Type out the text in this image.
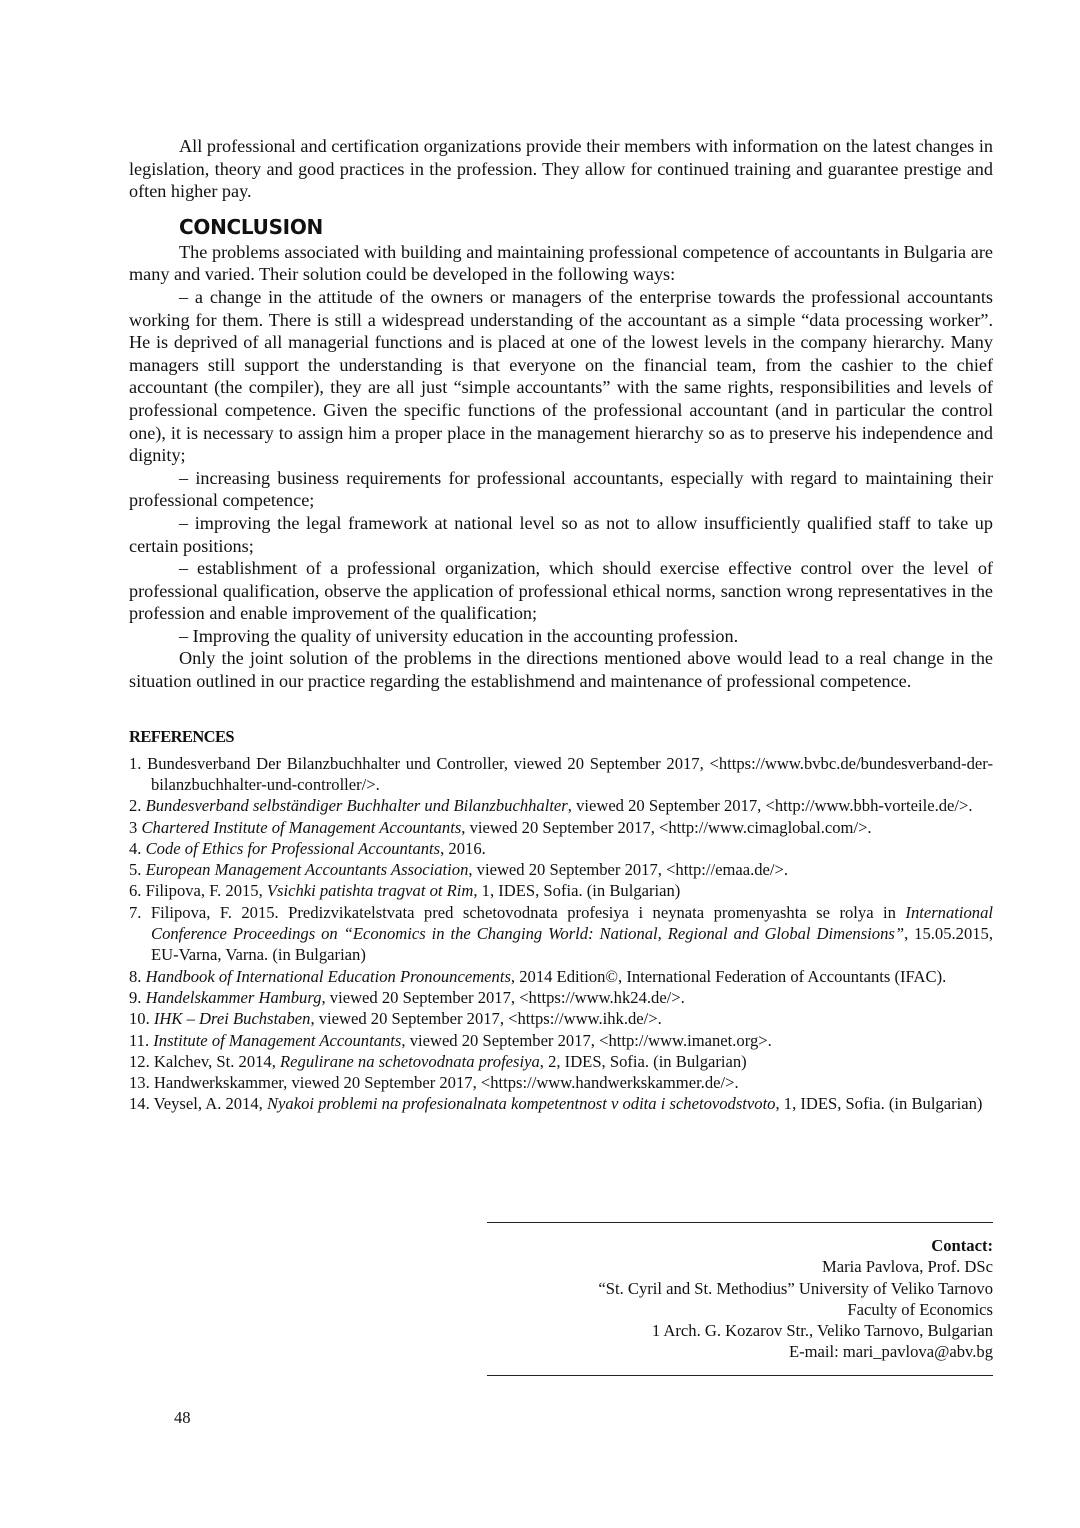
All professional and certification organizations provide their members with information on the latest changes in legislation, theory and good practices in the profession. They allow for continued training and guarantee prestige and often higher pay.

CONCLUSION

The problems associated with building and maintaining professional competence of accountants in Bulgaria are many and varied. Their solution could be developed in the following ways:

– a change in the attitude of the owners or managers of the enterprise towards the professional accountants working for them. There is still a widespread understanding of the accountant as a simple “data processing worker”. He is deprived of all managerial functions and is placed at one of the lowest levels in the company hierarchy. Many managers still support the understanding is that everyone on the financial team, from the cashier to the chief accountant (the compiler), they are all just “simple accountants” with the same rights, responsibilities and levels of professional competence. Given the specific functions of the professional accountant (and in particular the control one), it is necessary to assign him a proper place in the management hierarchy so as to preserve his independence and dignity;

– increasing business requirements for professional accountants, especially with regard to maintaining their professional competence;

– improving the legal framework at national level so as not to allow insufficiently qualified staff to take up certain positions;

– establishment of a professional organization, which should exercise effective control over the level of professional qualification, observe the application of professional ethical norms, sanction wrong representatives in the profession and enable improvement of the qualification;

– Improving the quality of university education in the accounting profession.

Only the joint solution of the problems in the directions mentioned above would lead to a real change in the situation outlined in our practice regarding the establishmend and maintenance of professional competence.

REFERENCES

1. Bundesverband Der Bilanzbuchhalter und Controller, viewed 20 September 2017, <https://www.bvbc.de/bundesverband-der-bilanzbuchhalter-und-controller/>.

2. Bundesverband selbständiger Buchhalter und Bilanzbuchhalter, viewed 20 September 2017, <http://www.bbh-vorteile.de/>.

3 Chartered Institute of Management Accountants, viewed 20 September 2017, <http://www.cimaglobal.com/>.

4. Code of Ethics for Professional Accountants, 2016.

5. European Management Accountants Association, viewed 20 September 2017, <http://emaa.de/>.

6. Filipova, F. 2015, Vsichki patishta tragvat ot Rim, 1, IDES, Sofia. (in Bulgarian)

7. Filipova, F. 2015. Predizvikatelstvata pred schetovodnata profesiya i neynata promenyashta se rolya in International Conference Proceedings on “Economics in the Changing World: National, Regional and Global Dimensions”, 15.05.2015, EU-Varna, Varna. (in Bulgarian)

8. Handbook of International Education Pronouncements, 2014 Edition©, International Federation of Accountants (IFAC).

9. Handelskammer Hamburg, viewed 20 September 2017, <https://www.hk24.de/>.

10. IHK – Drei Buchstaben, viewed 20 September 2017, <https://www.ihk.de/>.

11. Institute of Management Accountants, viewed 20 September 2017, <http://www.imanet.org>.

12. Kalchev, St. 2014, Regulirane na schetovodnata profesiya, 2, IDES, Sofia. (in Bulgarian)

13. Handwerkskammer, viewed 20 September 2017, <https://www.handwerkskammer.de/>.

14. Veysel, A. 2014, Nyakoi problemi na profesionalnata kompetentnost v odita i schetovodstvoto, 1, IDES, Sofia. (in Bulgarian)

Contact:
Maria Pavlova, Prof. DSc
“St. Cyril and St. Methodius” University of Veliko Tarnovo
Faculty of Economics
1 Arch. G. Kozarov Str., Veliko Tarnovo, Bulgarian
E-mail: mari_pavlova@abv.bg
48
